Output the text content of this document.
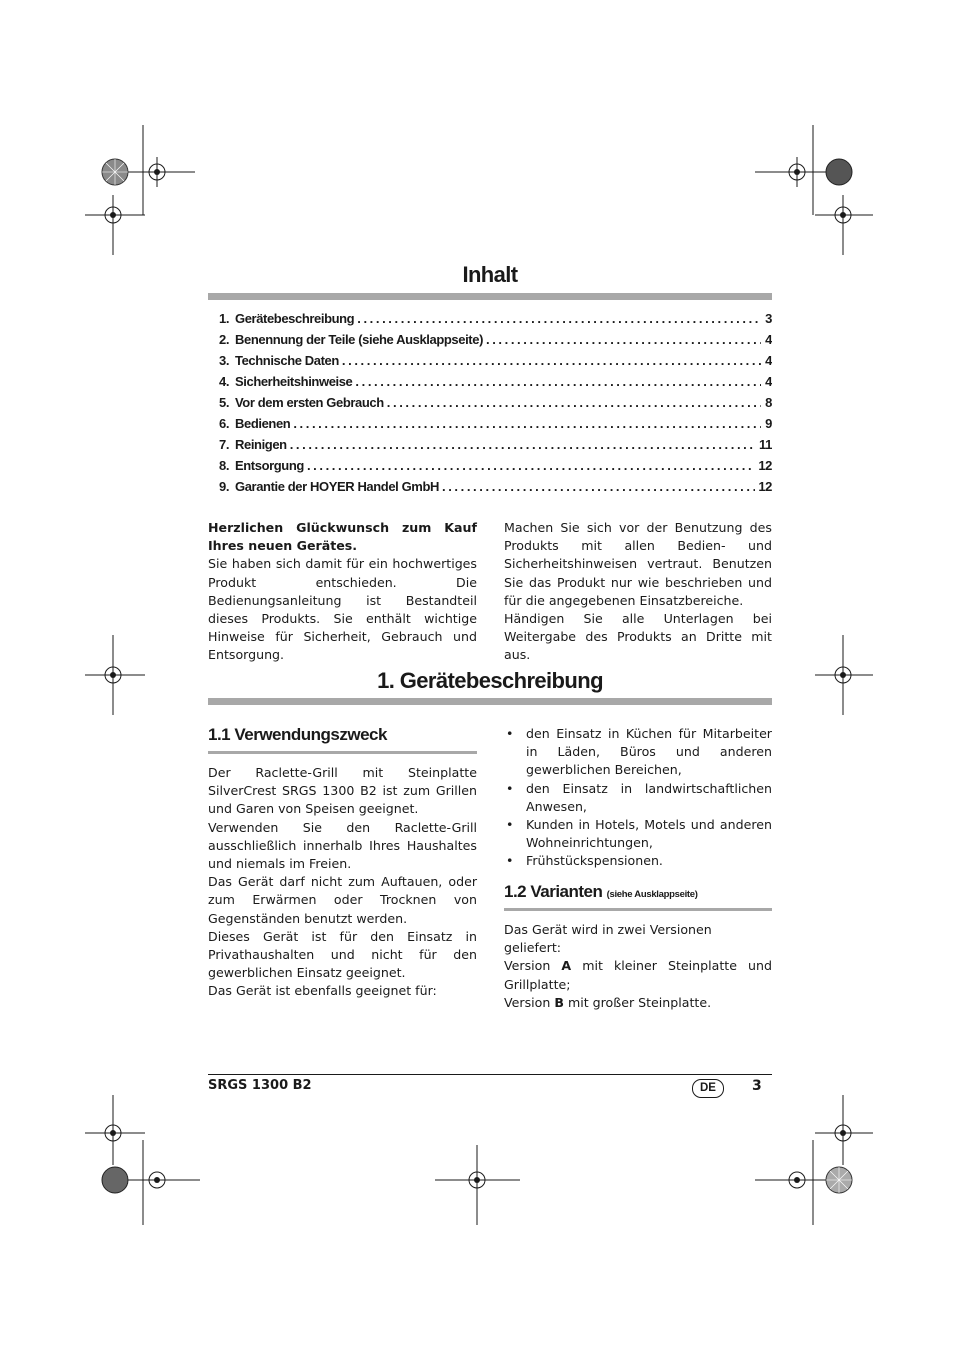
Inhalt
1. Gerätebeschreibung .....	3
2. Benennung der Teile (siehe Ausklappseite) .....	4
3. Technische Daten .....	4
4. Sicherheitshinweise .....	4
5. Vor dem ersten Gebrauch .....	8
6. Bedienen .....	9
7. Reinigen .....	11
8. Entsorgung .....	12
9. Garantie der HOYER Handel GmbH .....	12

Herzlichen Glückwunsch zum Kauf Ihres neuen Gerätes.

Sie haben sich damit für ein hochwertiges Produkt entschieden. Die Bedienungsanleitung ist Bestandteil dieses Produkts. Sie enthält wichtige Hinweise für Sicherheit, Gebrauch und Entsorgung.

Machen Sie sich vor der Benutzung des Produkts mit allen Bedien- und Sicherheitshinweisen vertraut. Benutzen Sie das Produkt nur wie beschrieben und für die angegebenen Einsatzbereiche.

Händigen Sie alle Unterlagen bei Weitergabe des Produkts an Dritte mit aus.

1. Gerätebeschreibung
1.1 Verwendungszweck

Der Raclette-Grill mit Steinplatte SilverCrest SRGS 1300 B2 ist zum Grillen und Garen von Speisen geeignet.

Verwenden Sie den Raclette-Grill ausschließlich innerhalb Ihres Haushaltes und niemals im Freien.

Das Gerät darf nicht zum Auftauen, oder zum Erwärmen oder Trocknen von Gegenständen benutzt werden.

Dieses Gerät ist für den Einsatz in Privathaushalten und nicht für den gewerblichen Einsatz geeignet.

Das Gerät ist ebenfalls geeignet für:

• den Einsatz in Küchen für Mitarbeiter in Läden, Büros und anderen gewerblichen Bereichen,
• den Einsatz in landwirtschaftlichen Anwesen,
• Kunden in Hotels, Motels und anderen Wohneinrichtungen,
• Frühstückspensionen.
1.2 Varianten (siehe Ausklappseite)

Das Gerät wird in zwei Versionen geliefert:

Version A mit kleiner Steinplatte und Grillplatte;

Version B mit großer Steinplatte.

SRGS 1300 B2	DE	3
